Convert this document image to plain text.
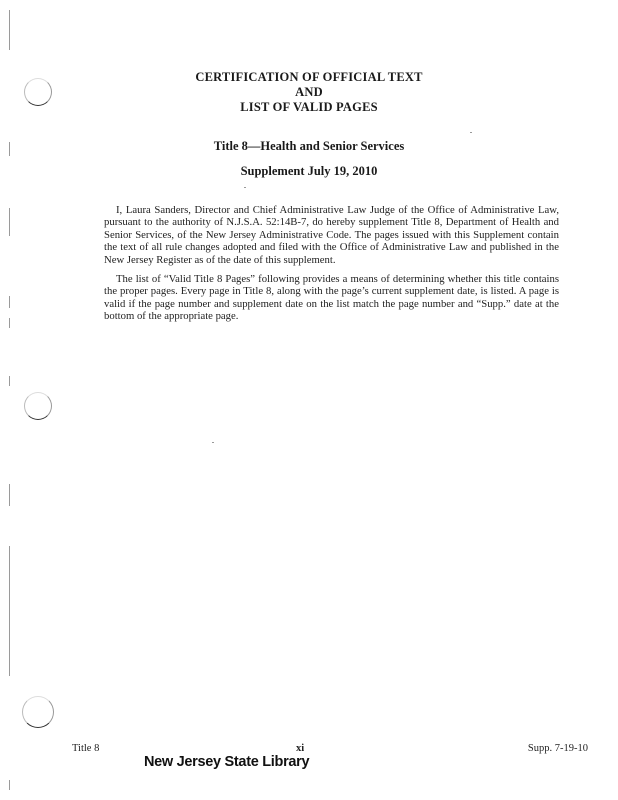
CERTIFICATION OF OFFICIAL TEXT
AND
LIST OF VALID PAGES
Title 8—Health and Senior Services
Supplement July 19, 2010
I, Laura Sanders, Director and Chief Administrative Law Judge of the Office of Administrative Law, pursuant to the authority of N.J.S.A. 52:14B-7, do hereby supplement Title 8, Department of Health and Senior Services, of the New Jersey Administrative Code. The pages issued with this Supplement contain the text of all rule changes adopted and filed with the Office of Administrative Law and published in the New Jersey Register as of the date of this supplement.
The list of “Valid Title 8 Pages” following provides a means of determining whether this title contains the proper pages. Every page in Title 8, along with the page’s current supplement date, is listed. A page is valid if the page number and supplement date on the list match the page number and “Supp.” date at the bottom of the appropriate page.
Title 8	xi	Supp. 7-19-10
New Jersey State Library
